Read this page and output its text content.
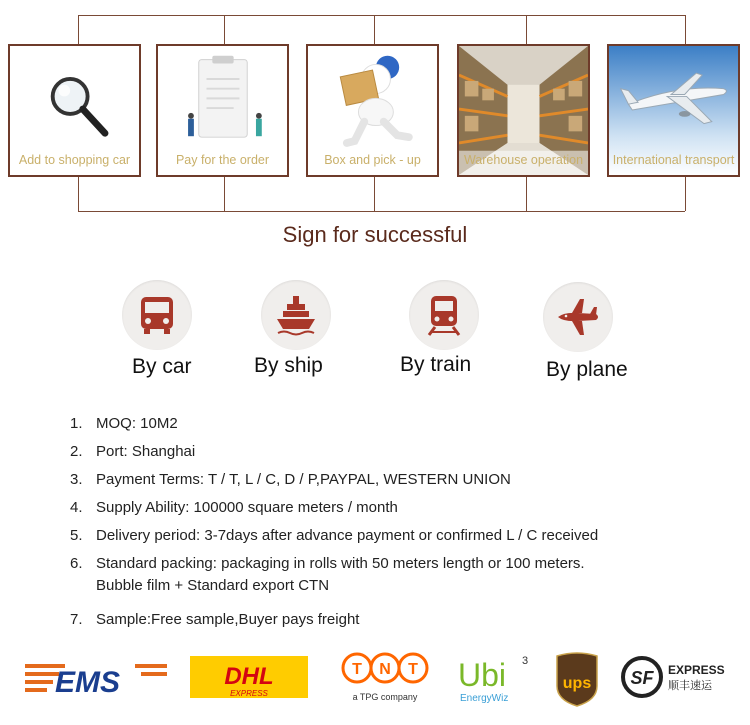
Add to shopping car	Pay for the order	Box and pick - up	Warehouse operation	International transport
Sign for successful
By car	By ship	By train	By plane
1. MOQ: 10M2
2. Port: Shanghai
3. Payment Terms: T / T, L / C, D / P,PAYPAL, WESTERN UNION
4. Supply Ability: 100000 square meters / month
5. Delivery period: 3-7days after advance payment or confirmed L / C received
6. Standard packing: packaging in rolls with 50 meters length or 100 meters.
Bubble film + Standard export CTN
7. Sample:Free sample,Buyer pays freight
EMS	DHL
EXPRESS
T N T
a TPG company
Ubi 3
EnergyWiz
ups SF EXPRESS
顺丰速运
